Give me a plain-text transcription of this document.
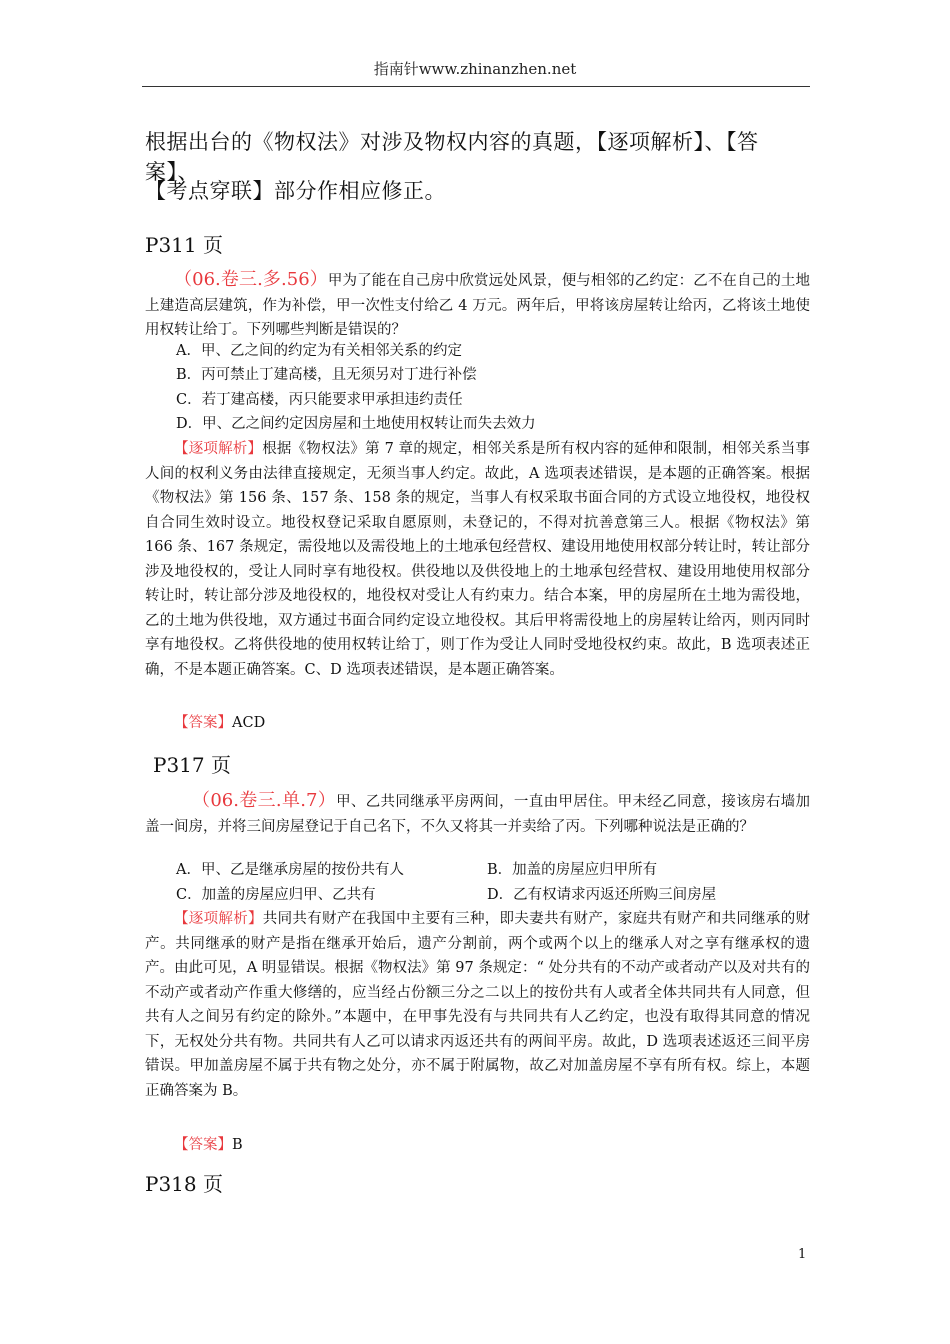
指南针www.zhinanzhen.net
根据出台的《物权法》对涉及物权内容的真题，【逐项解析】、【答案】、
【考点穿联】部分作相应修正。
P311 页
（06.卷三.多.56）甲为了能在自己房中欣赏远处风景，便与相邻的乙约定：乙不在自己的土地上建造高层建筑，作为补偿，甲一次性支付给乙 4 万元。两年后，甲将该房屋转让给丙，乙将该土地使用权转让给丁。下列哪些判断是错误的？
A．甲、乙之间的约定为有关相邻关系的约定
B．丙可禁止丁建高楼，且无须另对丁进行补偿
C．若丁建高楼，丙只能要求甲承担违约责任
D．甲、乙之间约定因房屋和土地使用权转让而失去效力
【逐项解析】根据《物权法》第 7 章的规定，相邻关系是所有权内容的延伸和限制，相邻关系当事人间的权利义务由法律直接规定，无须当事人约定。故此，A 选项表述错误，是本题的正确答案。根据《物权法》第 156 条、157 条、158 条的规定，当事人有权采取书面合同的方式设立地役权，地役权自合同生效时设立。地役权登记采取自愿原则，未登记的，不得对抗善意第三人。根据《物权法》第 166 条、167 条规定，需役地以及需役地上的土地承包经营权、建设用地使用权部分转让时，转让部分涉及地役权的，受让人同时享有地役权。供役地以及供役地上的土地承包经营权、建设用地使用权部分转让时，转让部分涉及地役权的，地役权对受让人有约束力。结合本案，甲的房屋所在土地为需役地，乙的土地为供役地，双方通过书面合同约定设立地役权。其后甲将需役地上的房屋转让给丙，则丙同时享有地役权。乙将供役地的使用权转让给丁，则丁作为受让人同时受地役权约束。故此，B 选项表述正确，不是本题正确答案。C、D 选项表述错误，是本题正确答案。
【答案】ACD
P317 页
（06.卷三.单.7）甲、乙共同继承平房两间，一直由甲居住。甲未经乙同意，接该房右墙加盖一间房，并将三间房屋登记于自己名下，不久又将其一并卖给了丙。下列哪种说法是正确的？
A．甲、乙是继承房屋的按份共有人	B．加盖的房屋应归甲所有
C．加盖的房屋应归甲、乙共有	D．乙有权请求丙返还所购三间房屋
【逐项解析】共同共有财产在我国中主要有三种，即夫妻共有财产，家庭共有财产和共同继承的财产。共同继承的财产是指在继承开始后，遗产分割前，两个或两个以上的继承人对之享有继承权的遗产。由此可见，A 明显错误。根据《物权法》第 97 条规定：“ 处分共有的不动产或者动产以及对共有的不动产或者动产作重大修缮的，应当经占份额三分之二以上的按份共有人或者全体共同共有人同意，但共有人之间另有约定的除外。”本题中，在甲事先没有与共同共有人乙约定，也没有取得其同意的情况下，无权处分共有物。共同共有人乙可以请求丙返还共有的两间平房。故此，D 选项表述返还三间平房错误。甲加盖房屋不属于共有物之处分，亦不属于附属物，故乙对加盖房屋不享有所有权。综上，本题正确答案为 B。
【答案】B
P318 页
1
